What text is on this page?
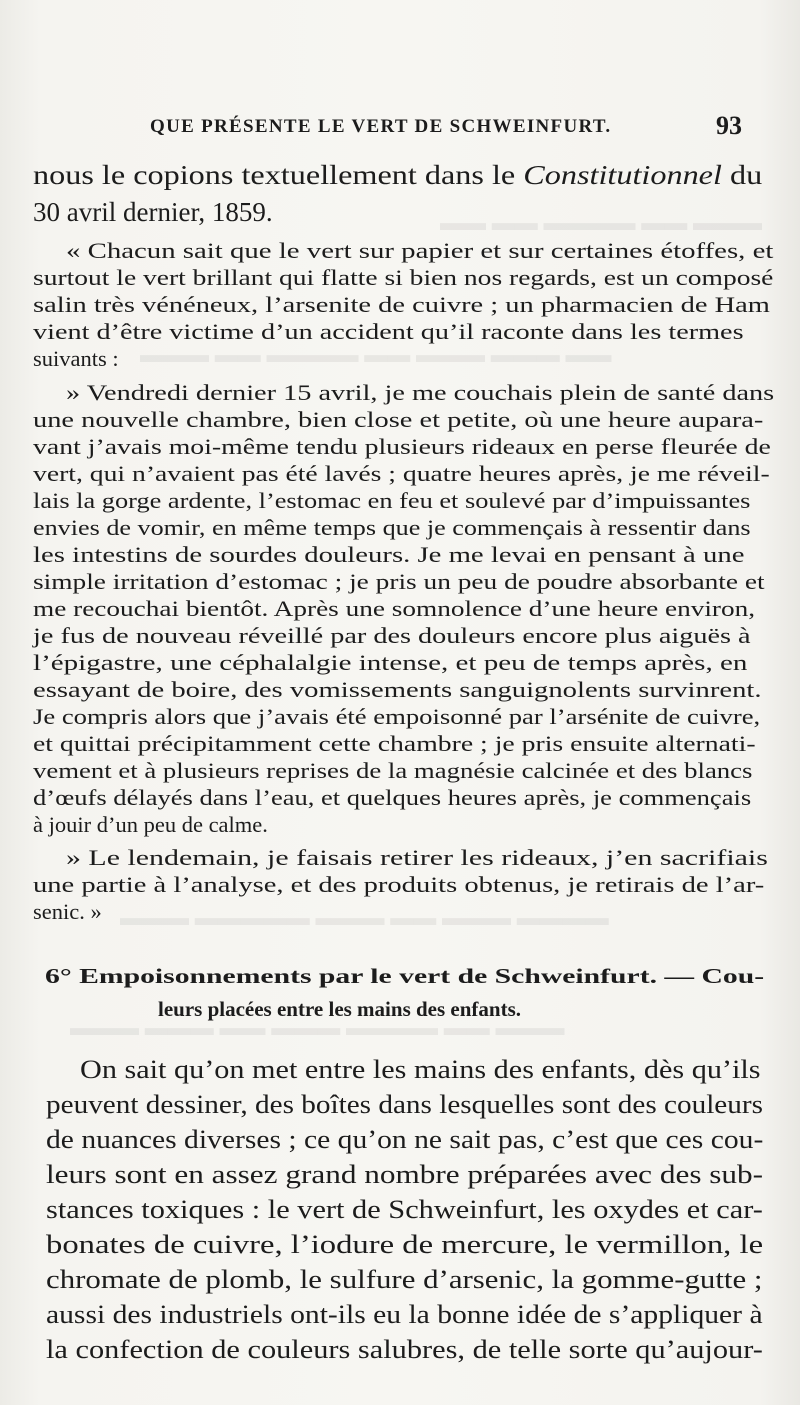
▬▬▬ ▬▬ ▬▬▬▬ ▬▬ ▬▬
▬▬ ▬▬▬ ▬▬▬ ▬▬ ▬▬▬▬ ▬▬ ▬▬▬
▬▬▬▬ ▬▬▬ ▬▬ ▬▬▬ ▬▬▬▬▬ ▬▬▬
▬▬▬ ▬▬ ▬▬▬▬ ▬▬▬ ▬▬ ▬▬▬ ▬▬▬
QUE PRÉSENTE LE VERT DE SCHWEINFURT.	93
nous le copions textuellement dans le Constitutionnel du
30 avril dernier, 1859.
« Chacun sait que le vert sur papier et sur certaines étoffes, et
surtout le vert brillant qui flatte si bien nos regards, est un composé
salin très vénéneux, l’arsenite de cuivre ; un pharmacien de Ham
vient d’être victime d’un accident qu’il raconte dans les termes
suivants :
» Vendredi dernier 15 avril, je me couchais plein de santé dans
une nouvelle chambre, bien close et petite, où une heure aupara-
vant j’avais moi-même tendu plusieurs rideaux en perse fleurée de
vert, qui n’avaient pas été lavés ; quatre heures après, je me réveil-
lais la gorge ardente, l’estomac en feu et soulevé par d’impuissantes
envies de vomir, en même temps que je commençais à ressentir dans
les intestins de sourdes douleurs. Je me levai en pensant à une
simple irritation d’estomac ; je pris un peu de poudre absorbante et
me recouchai bientôt. Après une somnolence d’une heure environ,
je fus de nouveau réveillé par des douleurs encore plus aiguës à
l’épigastre, une céphalalgie intense, et peu de temps après, en
essayant de boire, des vomissements sanguignolents survinrent.
Je compris alors que j’avais été empoisonné par l’arsénite de cuivre,
et quittai précipitamment cette chambre ; je pris ensuite alternati-
vement et à plusieurs reprises de la magnésie calcinée et des blancs
d’œufs délayés dans l’eau, et quelques heures après, je commençais
à jouir d’un peu de calme.
» Le lendemain, je faisais retirer les rideaux, j’en sacrifiais
une partie à l’analyse, et des produits obtenus, je retirais de l’ar-
senic. »
6° Empoisonnements par le vert de Schweinfurt. — Cou-
leurs placées entre les mains des enfants.
On sait qu’on met entre les mains des enfants, dès qu’ils
peuvent dessiner, des boîtes dans lesquelles sont des couleurs
de nuances diverses ; ce qu’on ne sait pas, c’est que ces cou-
leurs sont en assez grand nombre préparées avec des sub-
stances toxiques : le vert de Schweinfurt, les oxydes et car-
bonates de cuivre, l’iodure de mercure, le vermillon, le
chromate de plomb, le sulfure d’arsenic, la gomme-gutte ;
aussi des industriels ont-ils eu la bonne idée de s’appliquer à
la confection de couleurs salubres, de telle sorte qu’aujour-
